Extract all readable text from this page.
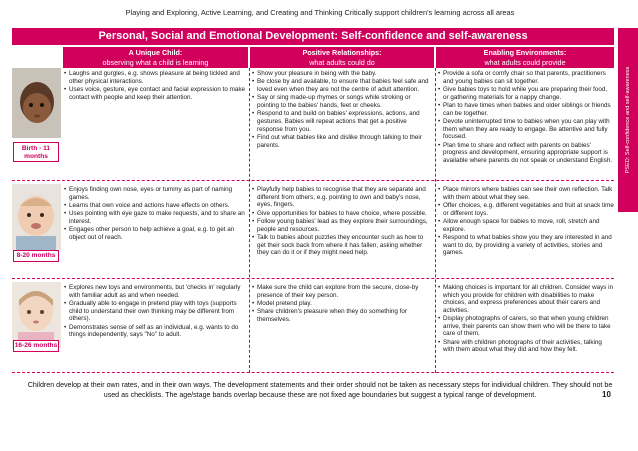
Playing and Exploring, Active Learning, and Creating and Thinking Critically support children's learning across all areas
Personal, Social and Emotional Development: Self-confidence and self-awareness
PSED: Self-confidence and self-awareness
A Unique Child:
observing what a child is learning
Positive Relationships:
what adults could do
Enabling Environments:
what adults could provide
Birth - 11 months
8-20 months
16-26 months
• Laughs and gurgles, e.g. shows pleasure at being tickled and other physical interactions.
• Uses voice, gesture, eye contact and facial expression to make contact with people and keep their attention.
• Show your pleasure in being with the baby.
• Be close by and available, to ensure that babies feel safe and loved even when they are not the centre of adult attention.
• Say or sing made-up rhymes or songs while stroking or pointing to the babies' hands, feet or cheeks.
• Respond to and build on babies' expressions, actions, and gestures. Babies will repeat actions that get a positive response from you.
• Find out what babies like and dislike through talking to their parents.
• Provide a sofa or comfy chair so that parents, practitioners and young babies can sit together.
• Give babies toys to hold while you are preparing their food, or gathering materials for a nappy change.
• Plan to have times when babies and older siblings or friends can be together.
• Devote uninterrupted time to babies when you can play with them when they are ready to engage. Be attentive and fully focused.
• Plan time to share and reflect with parents on babies' progress and development, ensuring appropriate support is available where parents do not speak or understand English.
• Enjoys finding own nose, eyes or tummy as part of naming games.
• Learns that own voice and actions have effects on others.
• Uses pointing with eye gaze to make requests, and to share an interest.
• Engages other person to help achieve a goal, e.g. to get an object out of reach.
• Playfully help babies to recognise that they are separate and different from others, e.g. pointing to own and baby's nose, eyes, fingers.
• Give opportunities for babies to have choice, where possible.
• Follow young babies' lead as they explore their surroundings, people and resources.
• Talk to babies about puzzles they encounter such as how to get their sock back from where it has fallen, asking whether they can do it or if they might need help.
• Place mirrors where babies can see their own reflection. Talk with them about what they see.
• Offer choices, e.g. different vegetables and fruit at snack time or different toys.
• Allow enough space for babies to move, roll, stretch and explore.
• Respond to what babies show you they are interested in and want to do, by providing a variety of activities, stories and games.
• Explores new toys and environments, but 'checks in' regularly with familiar adult as and when needed.
• Gradually able to engage in pretend play with toys (supports child to understand their own thinking may be different from others).
• Demonstrates sense of self as an individual, e.g. wants to do things independently, says "No" to adult.
• Make sure the child can explore from the secure, close-by presence of their key person.
• Model pretend play.
• Share children's pleasure when they do something for themselves.
• Making choices is important for all children. Consider ways in which you provide for children with disabilities to make choices, and express preferences about their carers and activities.
• Display photographs of carers, so that when young children arrive, their parents can show them who will be there to take care of them.
• Share with children photographs of their activities, talking with them about what they did and how they felt.
Children develop at their own rates, and in their own ways. The development statements and their order should not be taken as necessary steps for individual children. They should not be used as checklists. The age/stage bands overlap because these are not fixed age boundaries but suggest a typical range of development.	10
